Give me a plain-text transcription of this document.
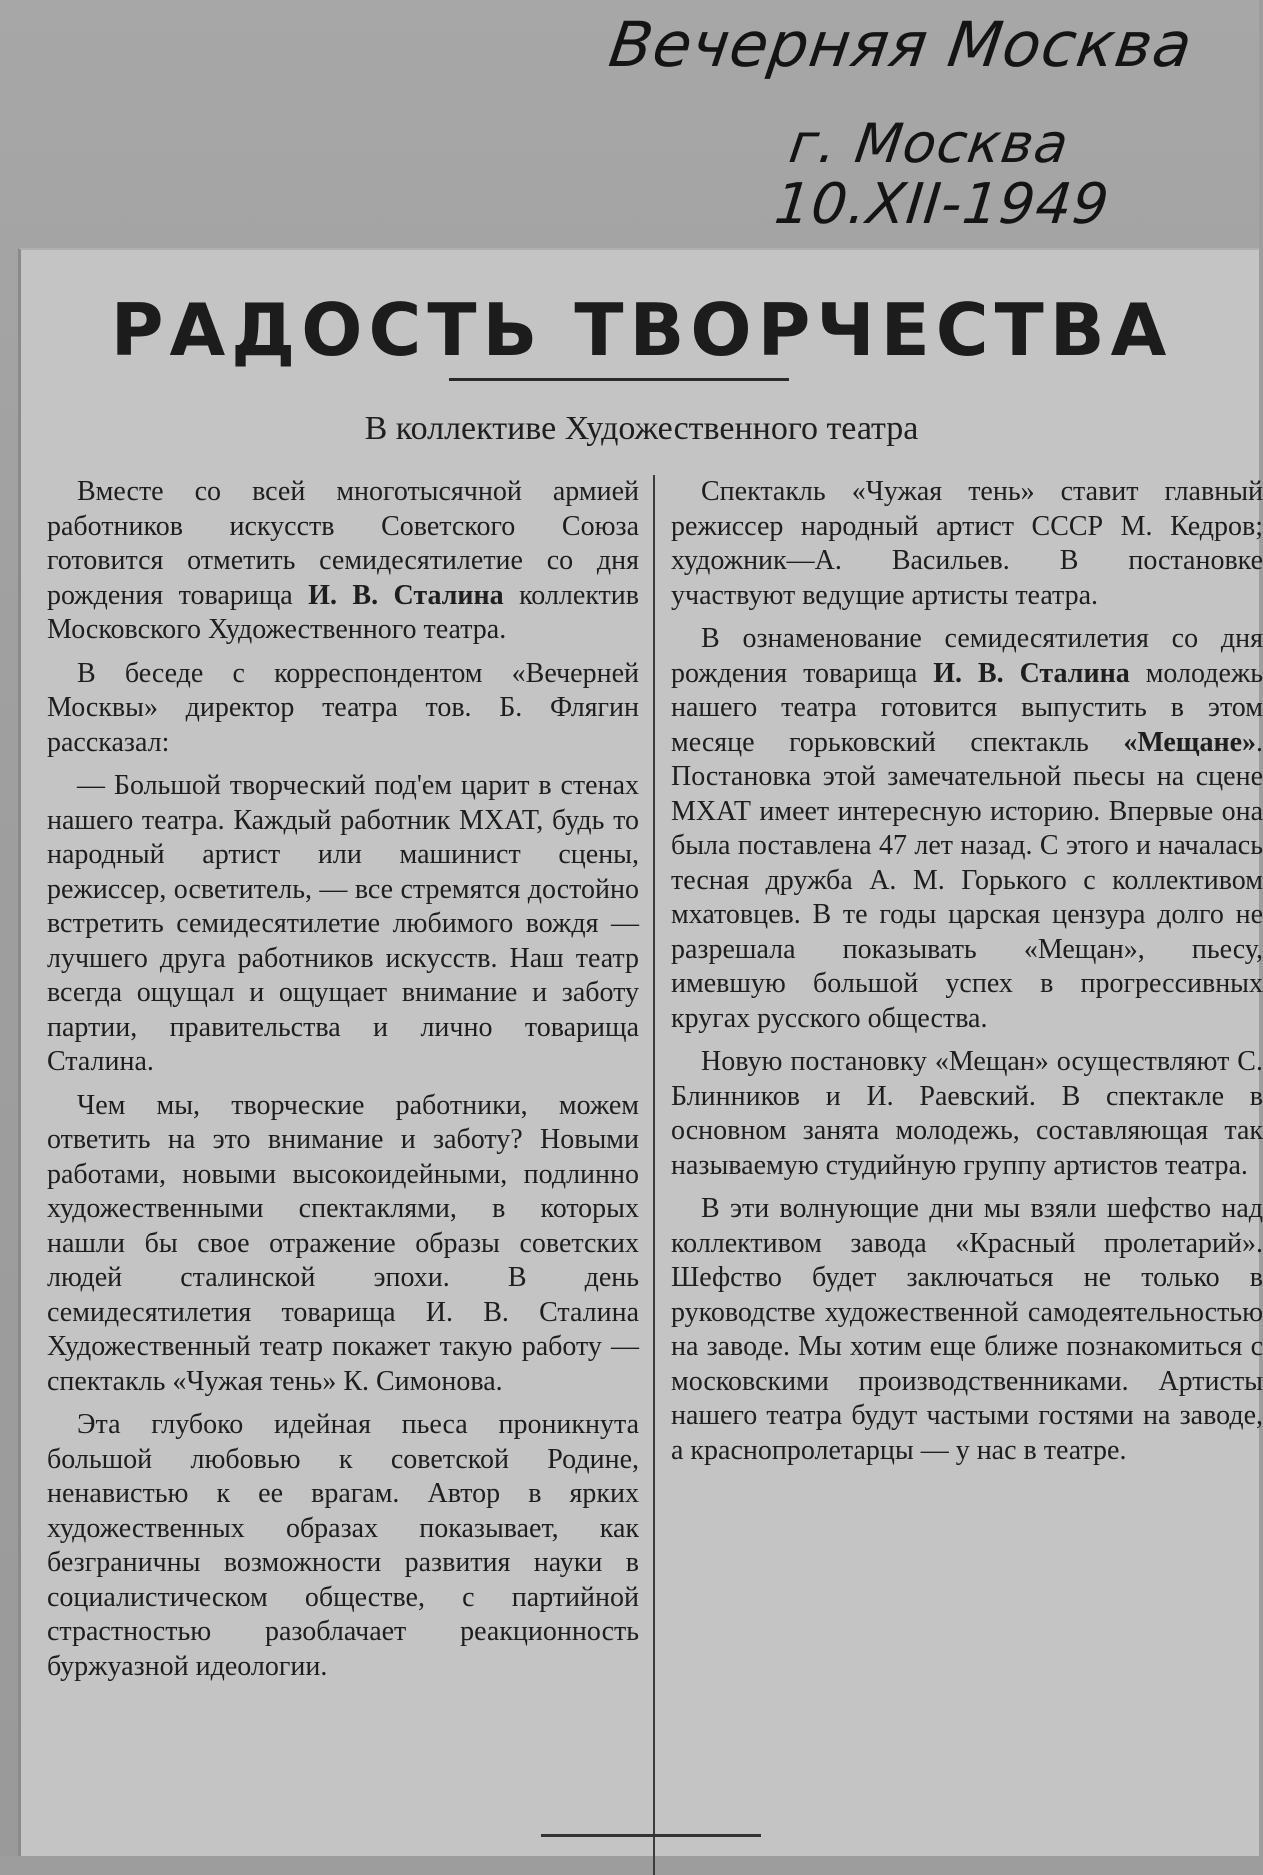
Вечерняя Москва
г. Москва
10.XII-1949
РАДОСТЬ ТВОРЧЕСТВА
В коллективе Художественного театра

Вместе со всей многотысячной армией работников искусств Советского Союза готовится отметить семидесятилетие со дня рождения товарища И. В. Сталина коллектив Московского Художественного театра.

В беседе с корреспондентом «Вечерней Москвы» директор театра тов. Б. Флягин рассказал:

— Большой творческий под'ем царит в стенах нашего театра. Каждый работник МХАТ, будь то народный артист или машинист сцены, режиссер, осветитель, — все стремятся достойно встретить семидесятилетие любимого вождя — лучшего друга работников искусств. Наш театр всегда ощущал и ощущает внимание и заботу партии, правительства и лично товарища Сталина.

Чем мы, творческие работники, можем ответить на это внимание и заботу? Новыми работами, новыми высокоидейными, подлинно художественными спектаклями, в которых нашли бы свое отражение образы советских людей сталинской эпохи. В день семидесятилетия товарища И. В. Сталина Художественный театр покажет такую работу — спектакль «Чужая тень» К. Симонова.

Эта глубоко идейная пьеса проникнута большой любовью к советской Родине, ненавистью к ее врагам. Автор в ярких художественных образах показывает, как безграничны возможности развития науки в социалистическом обществе, с партийной страстностью разоблачает реакционность буржуазной идеологии.

Спектакль «Чужая тень» ставит главный режиссер народный артист СССР М. Кедров; художник—А. Васильев. В постановке участвуют ведущие артисты театра.

В ознаменование семидесятилетия со дня рождения товарища И. В. Сталина молодежь нашего театра готовится выпустить в этом месяце горьковский спектакль «Мещане». Постановка этой замечательной пьесы на сцене МХАТ имеет интересную историю. Впервые она была поставлена 47 лет назад. С этого и началась тесная дружба А. М. Горького с коллективом мхатовцев. В те годы царская цензура долго не разрешала показывать «Мещан», пьесу, имевшую большой успех в прогрессивных кругах русского общества.

Новую постановку «Мещан» осуществляют С. Блинников и И. Раевский. В спектакле в основном занята молодежь, составляющая так называемую студийную группу артистов театра.

В эти волнующие дни мы взяли шефство над коллективом завода «Красный пролетарий». Шефство будет заключаться не только в руководстве художественной самодеятельностью на заводе. Мы хотим еще ближе познакомиться с московскими производственниками. Артисты нашего театра будут частыми гостями на заводе, а краснопролетарцы — у нас в театре.
